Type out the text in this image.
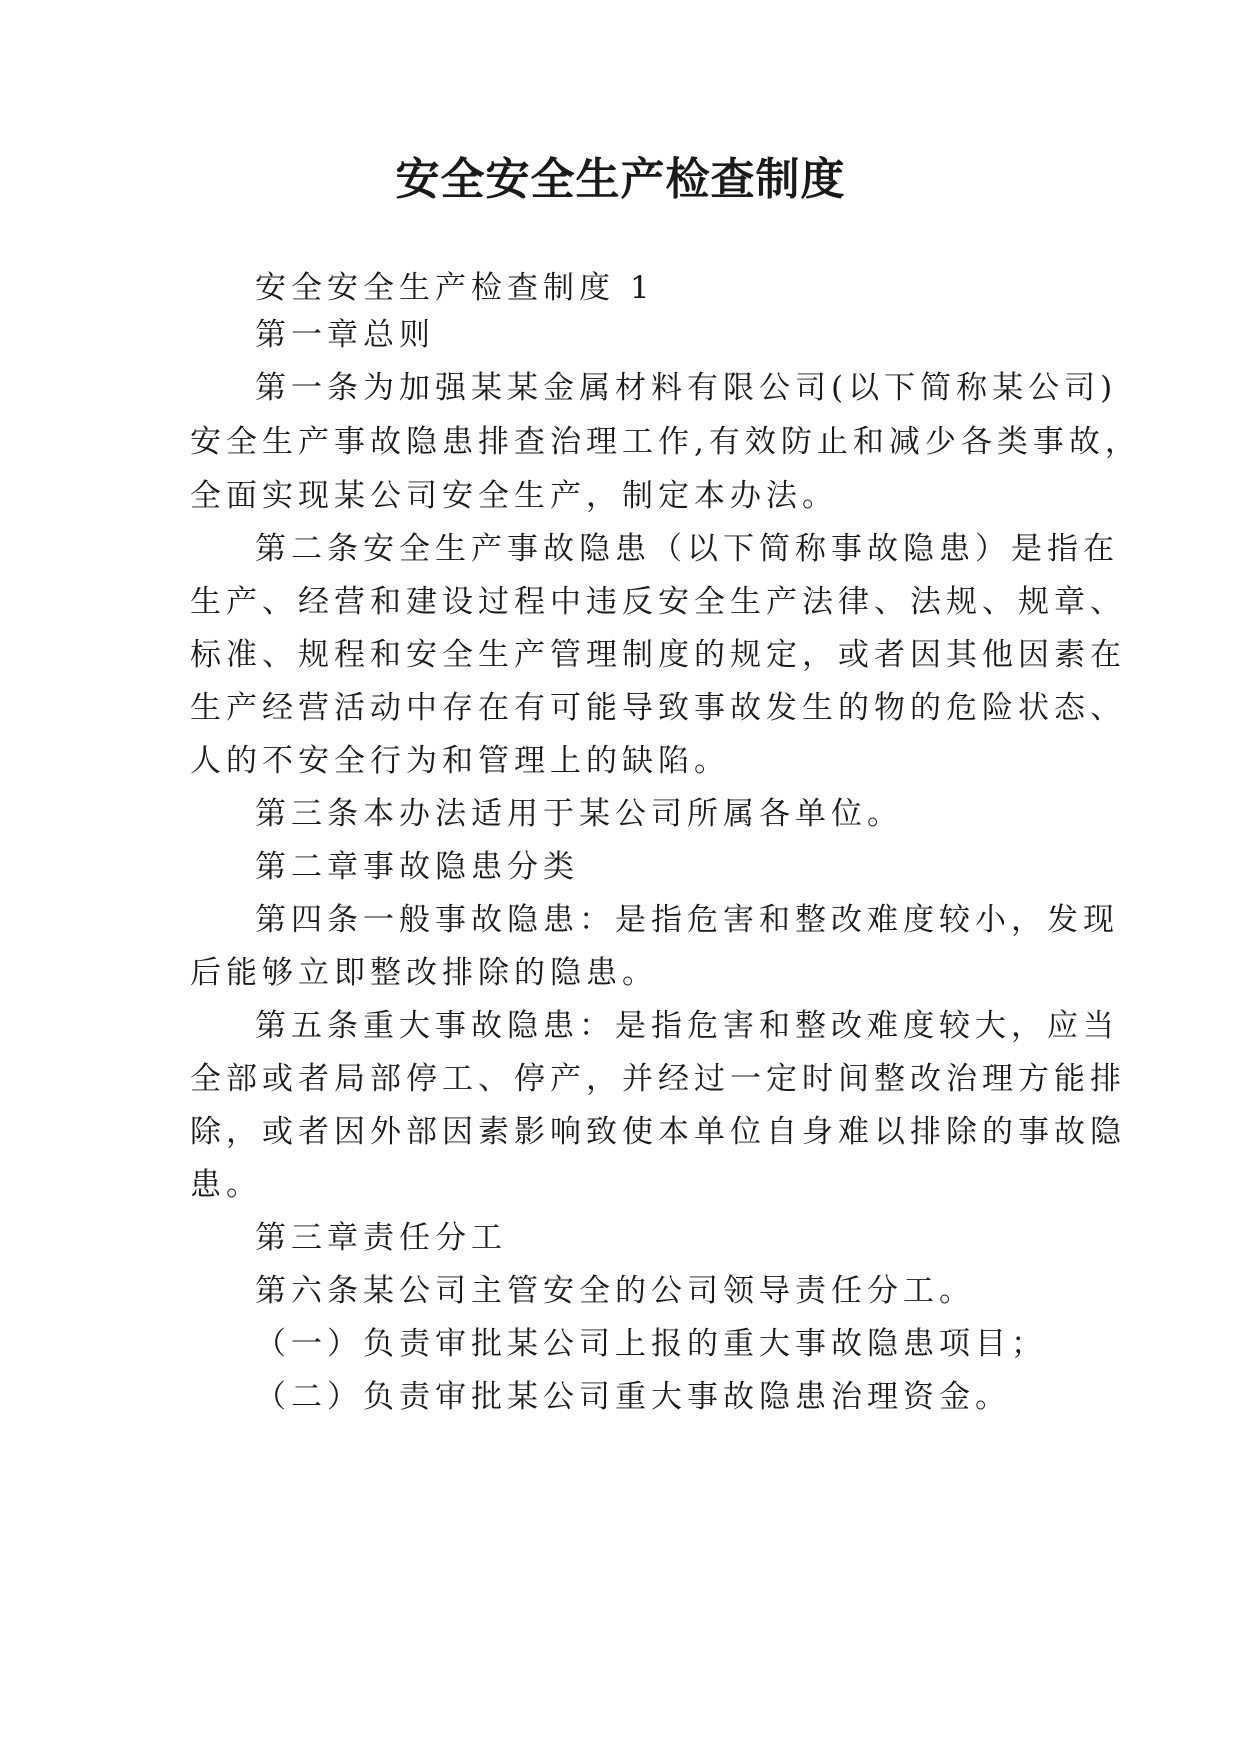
安全安全生产检查制度

安全安全生产检查制度 1

第一章总则

第一条为加强某某金属材料有限公司(以下简称某公司)

安全生产事故隐患排查治理工作,有效防止和减少各类事故，

全面实现某公司安全生产，制定本办法。

第二条安全生产事故隐患（以下简称事故隐患）是指在

生产、经营和建设过程中违反安全生产法律、法规、规章、

标准、规程和安全生产管理制度的规定，或者因其他因素在

生产经营活动中存在有可能导致事故发生的物的危险状态、

人的不安全行为和管理上的缺陷。

第三条本办法适用于某公司所属各单位。

第二章事故隐患分类

第四条一般事故隐患：是指危害和整改难度较小，发现

后能够立即整改排除的隐患。

第五条重大事故隐患：是指危害和整改难度较大，应当

全部或者局部停工、停产，并经过一定时间整改治理方能排

除，或者因外部因素影响致使本单位自身难以排除的事故隐

患。

第三章责任分工

第六条某公司主管安全的公司领导责任分工。

（一）负责审批某公司上报的重大事故隐患项目；

（二）负责审批某公司重大事故隐患治理资金。
